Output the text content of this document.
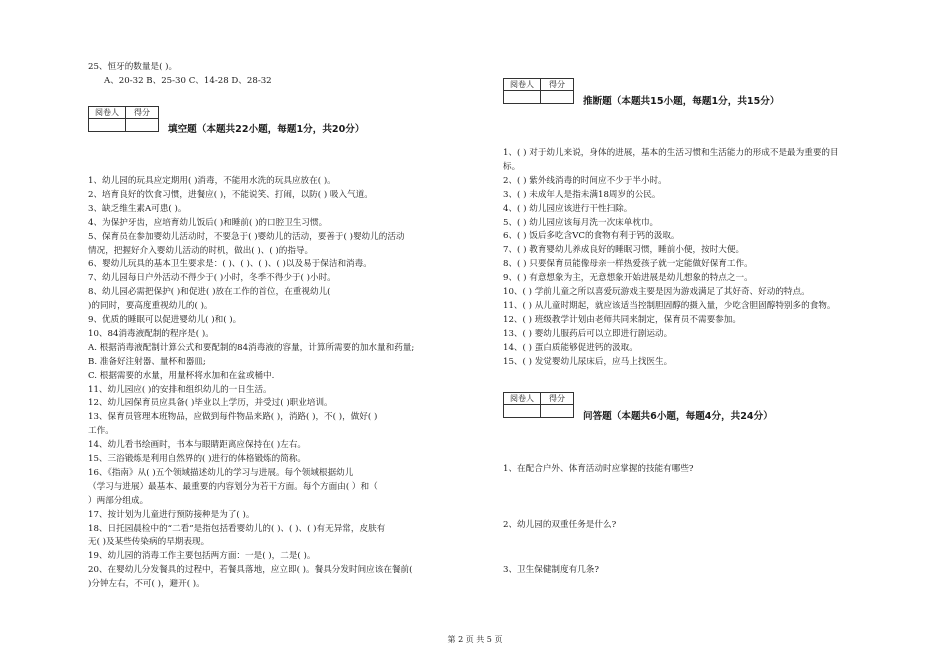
25、恒牙的数量是( )。
A、20-32 B、25-30 C、14-28 D、28-32
阅卷人	得分

填空题（本题共22小题，每题1分，共20分）
1、幼儿园的玩具应定期用( )消毒，不能用水洗的玩具应放在( )。
2、培育良好的饮食习惯，进餐应( )，不能说笑、打闹，以防( ) 吸入气道。
3、缺乏维生素A可患( )。
4、为保护牙齿，应培育幼儿饭后( )和睡前( )的口腔卫生习惯。
5、保育员在参加婴幼儿活动时，不要急于( )婴幼儿的活动，要善于( )婴幼儿的活动
情况，把握好介入婴幼儿活动的时机，做出( )、( )的指导。
6、婴幼儿玩具的基本卫生要求是：( )、( )、( )、( )以及易于保洁和消毒。
7、幼儿园每日户外活动不得少于( )小时，冬季不得少于( )小时。
8、幼儿园必需把保护( )和促进( )放在工作的首位，在重视幼儿(
)的同时，要高度重视幼儿的( )。
9、优质的睡眠可以促进婴幼儿( )和( )。
10、84消毒液配制的程序是( )。
A. 根据消毒液配制计算公式和要配制的84消毒液的容量，计算所需要的加水量和药量;
B. 准备好注射器、量杯和器皿;
C. 根据需要的水量，用量杯将水加和在盆或桶中.
11、幼儿园应( )的安排和组织幼儿的一日生活。
12、幼儿园保育员应具备( )毕业以上学历，并受过( )职业培训。
13、保育员管理本班物品，应做到每件物品来路( )，消路( )，不( )，做好( )
工作。
14、幼儿看书绘画时，书本与眼睛距离应保持在( )左右。
15、三浴锻炼是利用自然界的( )进行的体格锻炼的简称。
16、《指南》从( )五个领域描述幼儿的学习与进展。每个领域根据幼儿
（学习与进展）最基本、最重要的内容划分为若干方面。每个方面由( ）和（
）两部分组成。
17、按计划为儿童进行预防接种是为了( )。
18、日托园晨检中的“二看”是指包括看婴幼儿的( )、( )、( )有无异常，皮肤有
无( )及某些传染病的早期表现。
19、幼儿园的消毒工作主要包括两方面：一是( )，二是( )。
20、在婴幼儿分发餐具的过程中，若餐具落地，应立即( )。餐具分发时间应该在餐前(
)分钟左右，不可( )，避开( )。
阅卷人	得分

推断题（本题共15小题，每题1分，共15分）
1、( ) 对于幼儿来说，身体的进展，基本的生活习惯和生活能力的形成不是最为重要的目
标。
2、( ) 紫外线消毒的时间应不少于半小时。
3、( ) 未成年人是指未满18周岁的公民。
4、( ) 幼儿园应该进行干性扫除。
5、( ) 幼儿园应该每月洗一次床单枕巾。
6、( ) 饭后多吃含VC的食物有利于钙的汲取。
7、( ) 教育婴幼儿养成良好的睡眠习惯，睡前小便，按时大便。
8、( ) 只要保育员能像母亲一样热爱孩子就一定能做好保育工作。
9、( ) 有意想象为主，无意想象开始进展是幼儿想象的特点之一。
10、( ) 学前儿童之所以喜爱玩游戏主要是因为游戏满足了其好奇、好动的特点。
11、( ) 从儿童时期起，就应该适当控制胆固醇的摄入量，少吃含胆固醇特别多的食物。
12、( ) 班级教学计划由老师共同来制定，保育员不需要参加。
13、( ) 婴幼儿服药后可以立即进行剧运动。
14、( ) 蛋白质能够促进钙的汲取。
15、( ) 发觉婴幼儿尿床后，应马上找医生。
阅卷人	得分

问答题（本题共6小题，每题4分，共24分）
1、在配合户外、体育活动时应掌握的技能有哪些?
2、幼儿园的双重任务是什么?
3、卫生保健制度有几条?
第 2 页 共 5 页
